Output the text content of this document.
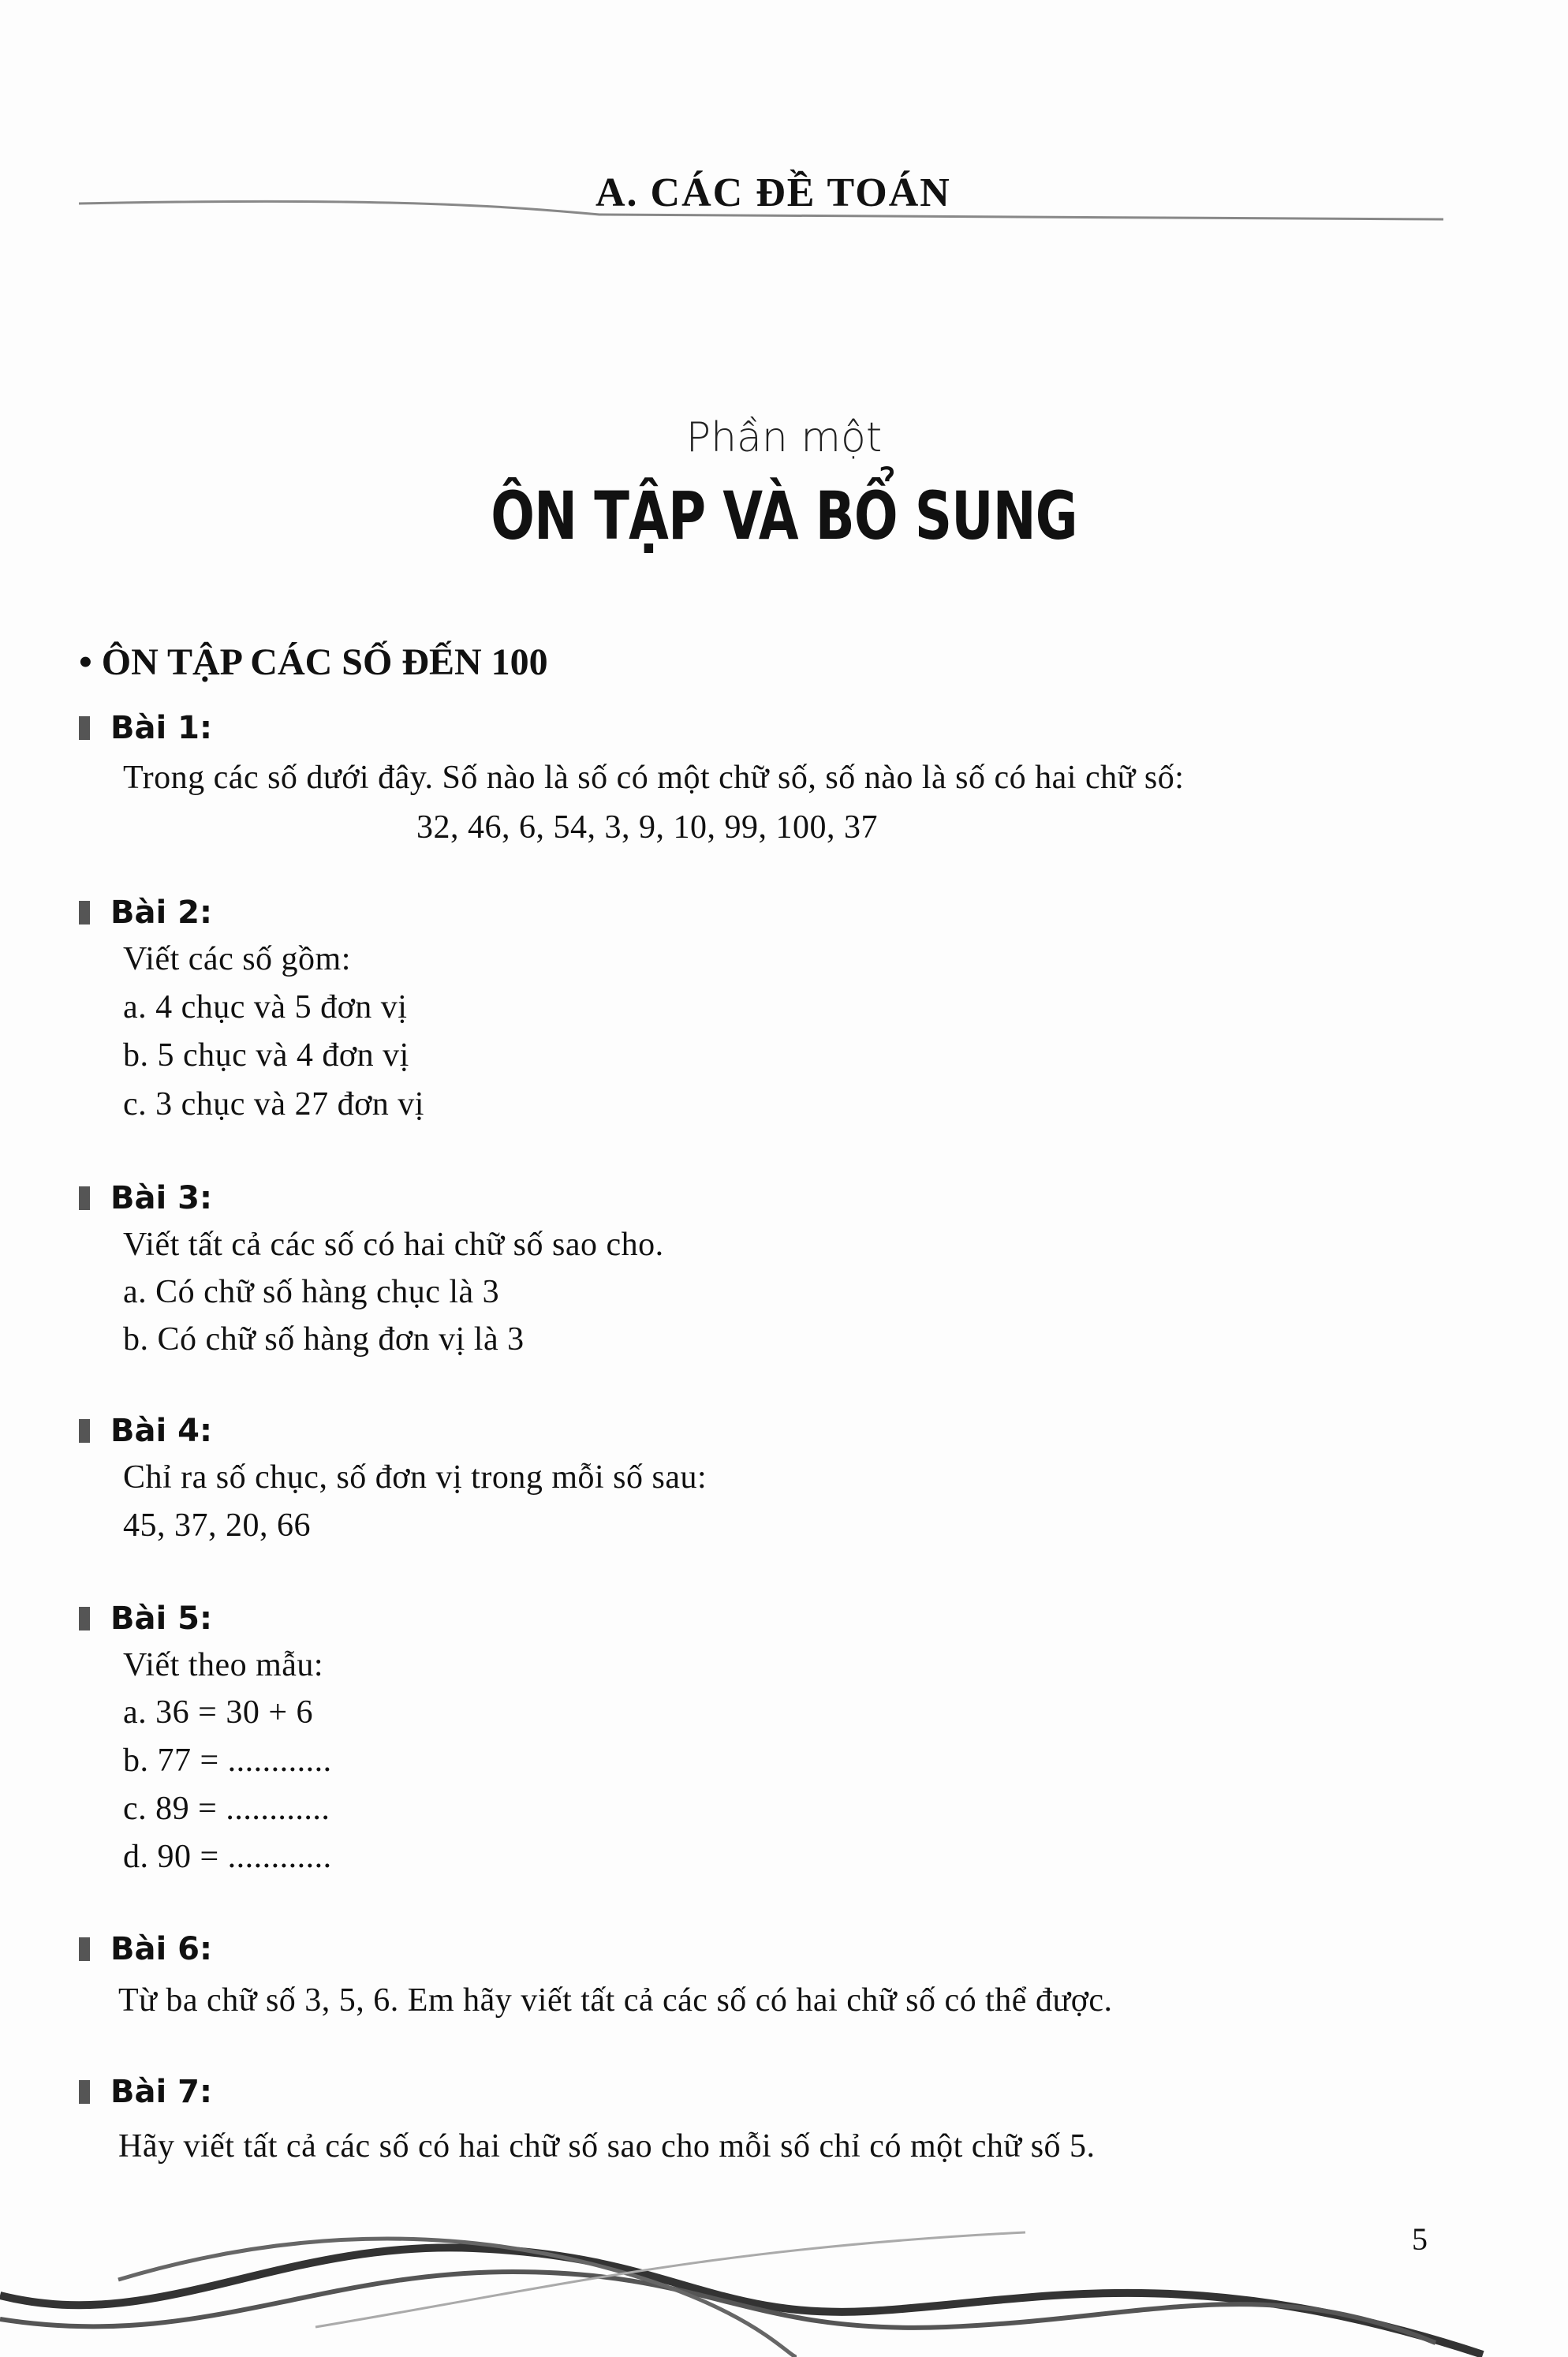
A. CÁC ĐỀ TOÁN
Phần một
ÔN TẬP VÀ BỔ SUNG
• ÔN TẬP CÁC SỐ ĐẾN 100
Bài 1:
Trong các số dưới đây. Số nào là số có một chữ số, số nào là số có hai chữ số:
32, 46, 6, 54, 3, 9, 10, 99, 100, 37
Bài 2:
Viết các số gồm:
a. 4 chục và 5 đơn vị
b. 5 chục và 4 đơn vị
c. 3 chục và 27 đơn vị
Bài 3:
Viết tất cả các số có hai chữ số sao cho.
a. Có chữ số hàng chục là 3
b. Có chữ số hàng đơn vị là 3
Bài 4:
Chỉ ra số chục, số đơn vị trong mỗi số sau:
45, 37, 20, 66
Bài 5:
Viết theo mẫu:
a. 36 = 30 + 6
b. 77 = ............
c. 89 = ............
d. 90 = ............
Bài 6:
Từ ba chữ số 3, 5, 6. Em hãy viết tất cả các số có hai chữ số có thể được.
Bài 7:
Hãy viết tất cả các số có hai chữ số sao cho mỗi số chỉ có một chữ số 5.
5
